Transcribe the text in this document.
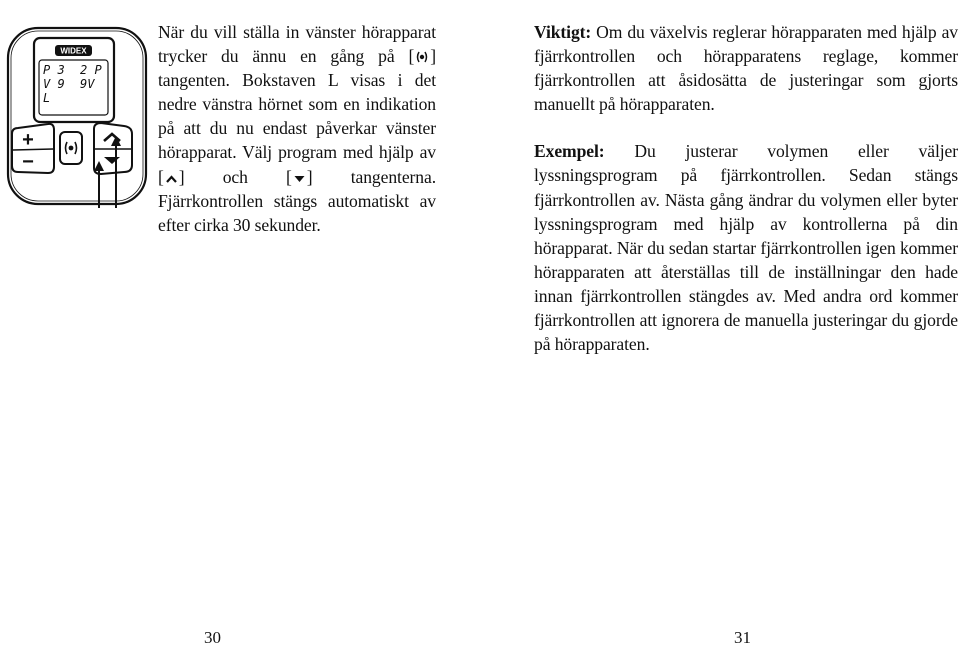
WIDEX
P 3 2 P
V 9 9V
L
+
−

När du vill ställa in vänster hörapparat trycker du ännu en gång på [ ] tangenten. Bokstaven L visas i det nedre vänstra hörnet som en indikation på att du nu endast påverkar vänster hörapparat. Välj program med hjälp av [ ] och [ ] tangenterna. Fjärrkontrollen stängs automatiskt av efter cirka 30 sekunder.

30

Viktigt: Om du växelvis reglerar hörapparaten med hjälp av fjärrkontrollen och hörapparatens reglage, kommer fjärrkontrollen att åsidosätta de justeringar som gjorts manuellt på hörapparaten.

Exempel: Du justerar volymen eller väljer lyssningsprogram på fjärrkontrollen. Sedan stängs fjärrkontrollen av. Nästa gång ändrar du volymen eller byter lyssningsprogram med hjälp av kontrollerna på din hörapparat. När du sedan startar fjärrkontrollen igen kommer hörapparaten att återställas till de inställningar den hade innan fjärrkontrollen stängdes av. Med andra ord kommer fjärrkontrollen att ignorera de manuella justeringar du gjorde på hörapparaten.

31
